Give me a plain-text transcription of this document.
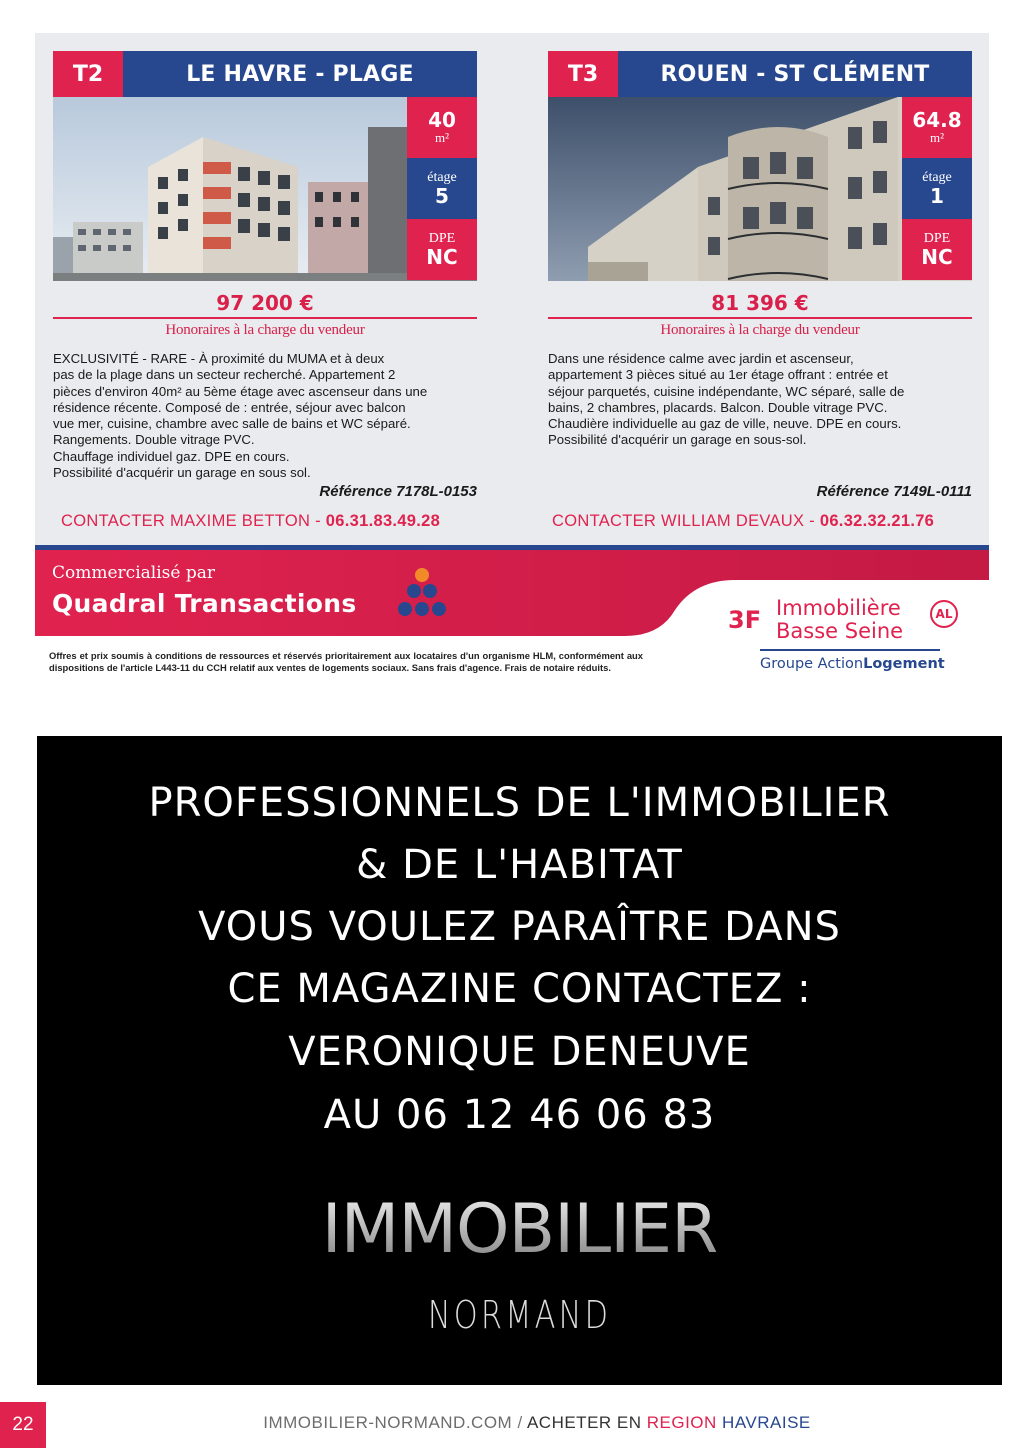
T2	LE HAVRE - PLAGE
40
m²
étage
5
DPE
NC
97 200 €
Honoraires à la charge du vendeur
EXCLUSIVITÉ - RARE - À proximité du MUMA et à deux
pas de la plage dans un secteur recherché. Appartement 2
pièces d'environ 40m² au 5ème étage avec ascenseur dans une
résidence récente. Composé de : entrée, séjour avec balcon
vue mer, cuisine, chambre avec salle de bains et WC séparé.
Rangements. Double vitrage PVC.
Chauffage individuel gaz. DPE en cours.
Possibilité d'acquérir un garage en sous sol.
Référence 7178L-0153
CONTACTER MAXIME BETTON - 06.31.83.49.28
T3	ROUEN - ST CLÉMENT
64.8
m²
étage
1
DPE
NC
81 396 €
Honoraires à la charge du vendeur
Dans une résidence calme avec jardin et ascenseur,
appartement 3 pièces situé au 1er étage offrant : entrée et
séjour parquetés, cuisine indépendante, WC séparé, salle de
bains, 2 chambres, placards. Balcon. Double vitrage PVC.
Chaudière individuelle au gaz de ville, neuve. DPE en cours.
Possibilité d'acquérir un garage en sous-sol.
Référence 7149L-0111
CONTACTER WILLIAM DEVAUX - 06.32.32.21.76
Commercialisé par
Quadral Transactions
3F Immobilière
Basse Seine
AL
Groupe ActionLogement
Offres et prix soumis à conditions de ressources et réservés prioritairement aux locataires d'un organisme HLM, conformément aux dispositions de l'article L443-11 du CCH relatif aux ventes de logements sociaux. Sans frais d'agence. Frais de notaire réduits.
PROFESSIONNELS DE L'IMMOBILIER
& DE L'HABITAT
VOUS VOULEZ PARAÎTRE DANS
CE MAGAZINE CONTACTEZ :
VERONIQUE DENEUVE
AU 06 12 46 06 83
IMMOBILIER
NORMAND
22	IMMOBILIER-NORMAND.COM / ACHETER EN REGION HAVRAISE
